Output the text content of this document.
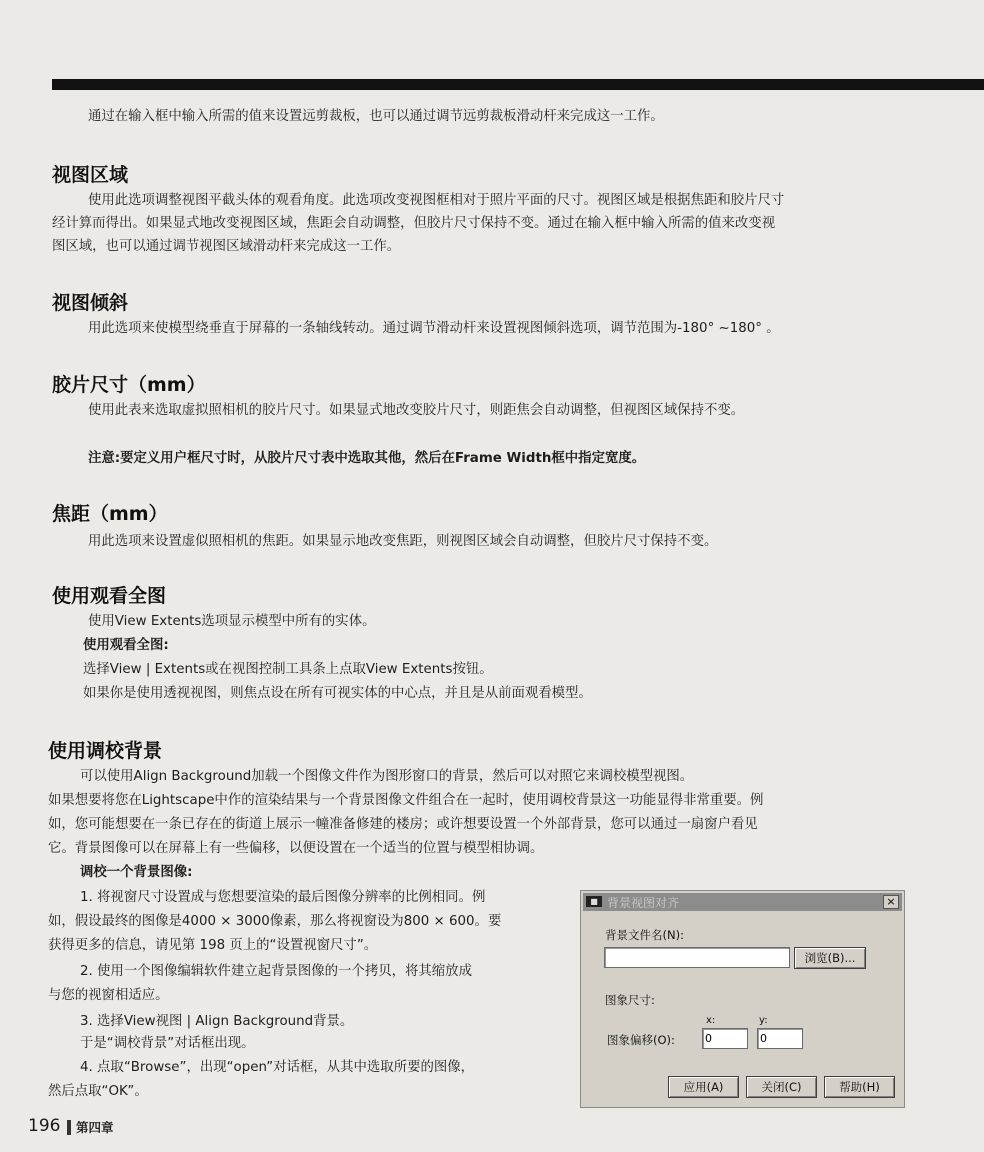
通过在输入框中输入所需的值来设置远剪裁板，也可以通过调节远剪裁板滑动杆来完成这一工作。

视图区域

使用此选项调整视图平截头体的观看角度。此选项改变视图框相对于照片平面的尺寸。视图区域是根据焦距和胶片尺寸

经计算而得出。如果显式地改变视图区域，焦距会自动调整，但胶片尺寸保持不变。通过在输入框中输入所需的值来改变视

图区域，也可以通过调节视图区域滑动杆来完成这一工作。

视图倾斜

用此选项来使模型绕垂直于屏幕的一条轴线转动。通过调节滑动杆来设置视图倾斜选项，调节范围为-180° ~180° 。

胶片尺寸（mm）

使用此表来选取虚拟照相机的胶片尺寸。如果显式地改变胶片尺寸，则距焦会自动调整，但视图区域保持不变。

注意:要定义用户框尺寸时，从胶片尺寸表中选取其他，然后在Frame Width框中指定宽度。

焦距（mm）

用此选项来设置虚似照相机的焦距。如果显示地改变焦距，则视图区域会自动调整，但胶片尺寸保持不变。

使用观看全图

使用View Extents选项显示模型中所有的实体。

使用观看全图:

选择View | Extents或在视图控制工具条上点取View Extents按钮。

如果你是使用透视视图，则焦点设在所有可视实体的中心点，并且是从前面观看模型。

使用调校背景

可以使用Align Background加载一个图像文件作为图形窗口的背景，然后可以对照它来调校模型视图。

如果想要将您在Lightscape中作的渲染结果与一个背景图像文件组合在一起时，使用调校背景这一功能显得非常重要。例

如，您可能想要在一条已存在的街道上展示一幢准备修建的楼房；或许想要设置一个外部背景，您可以通过一扇窗户看见

它。背景图像可以在屏幕上有一些偏移，以便设置在一个适当的位置与模型相协调。

调校一个背景图像:

1. 将视窗尺寸设置成与您想要渲染的最后图像分辨率的比例相同。例

如，假设最终的图像是4000 × 3000像素，那么将视窗设为800 × 600。要

获得更多的信息，请见第 198 页上的“设置视窗尺寸”。

2. 使用一个图像编辑软件建立起背景图像的一个拷贝，将其缩放成

与您的视窗相适应。

3. 选择View视图 | Align Background背景。

于是“调校背景”对话框出现。

4. 点取“Browse”，出现“open”对话框，从其中选取所要的图像，

然后点取“OK”。

■ 背景视图对齐	×
背景文件名(N):
浏览(B)...
图象尺寸:
x:	y:
图象偏移(O):
0
0
应用(A)	关闭(C)	帮助(H)
196 第四章
